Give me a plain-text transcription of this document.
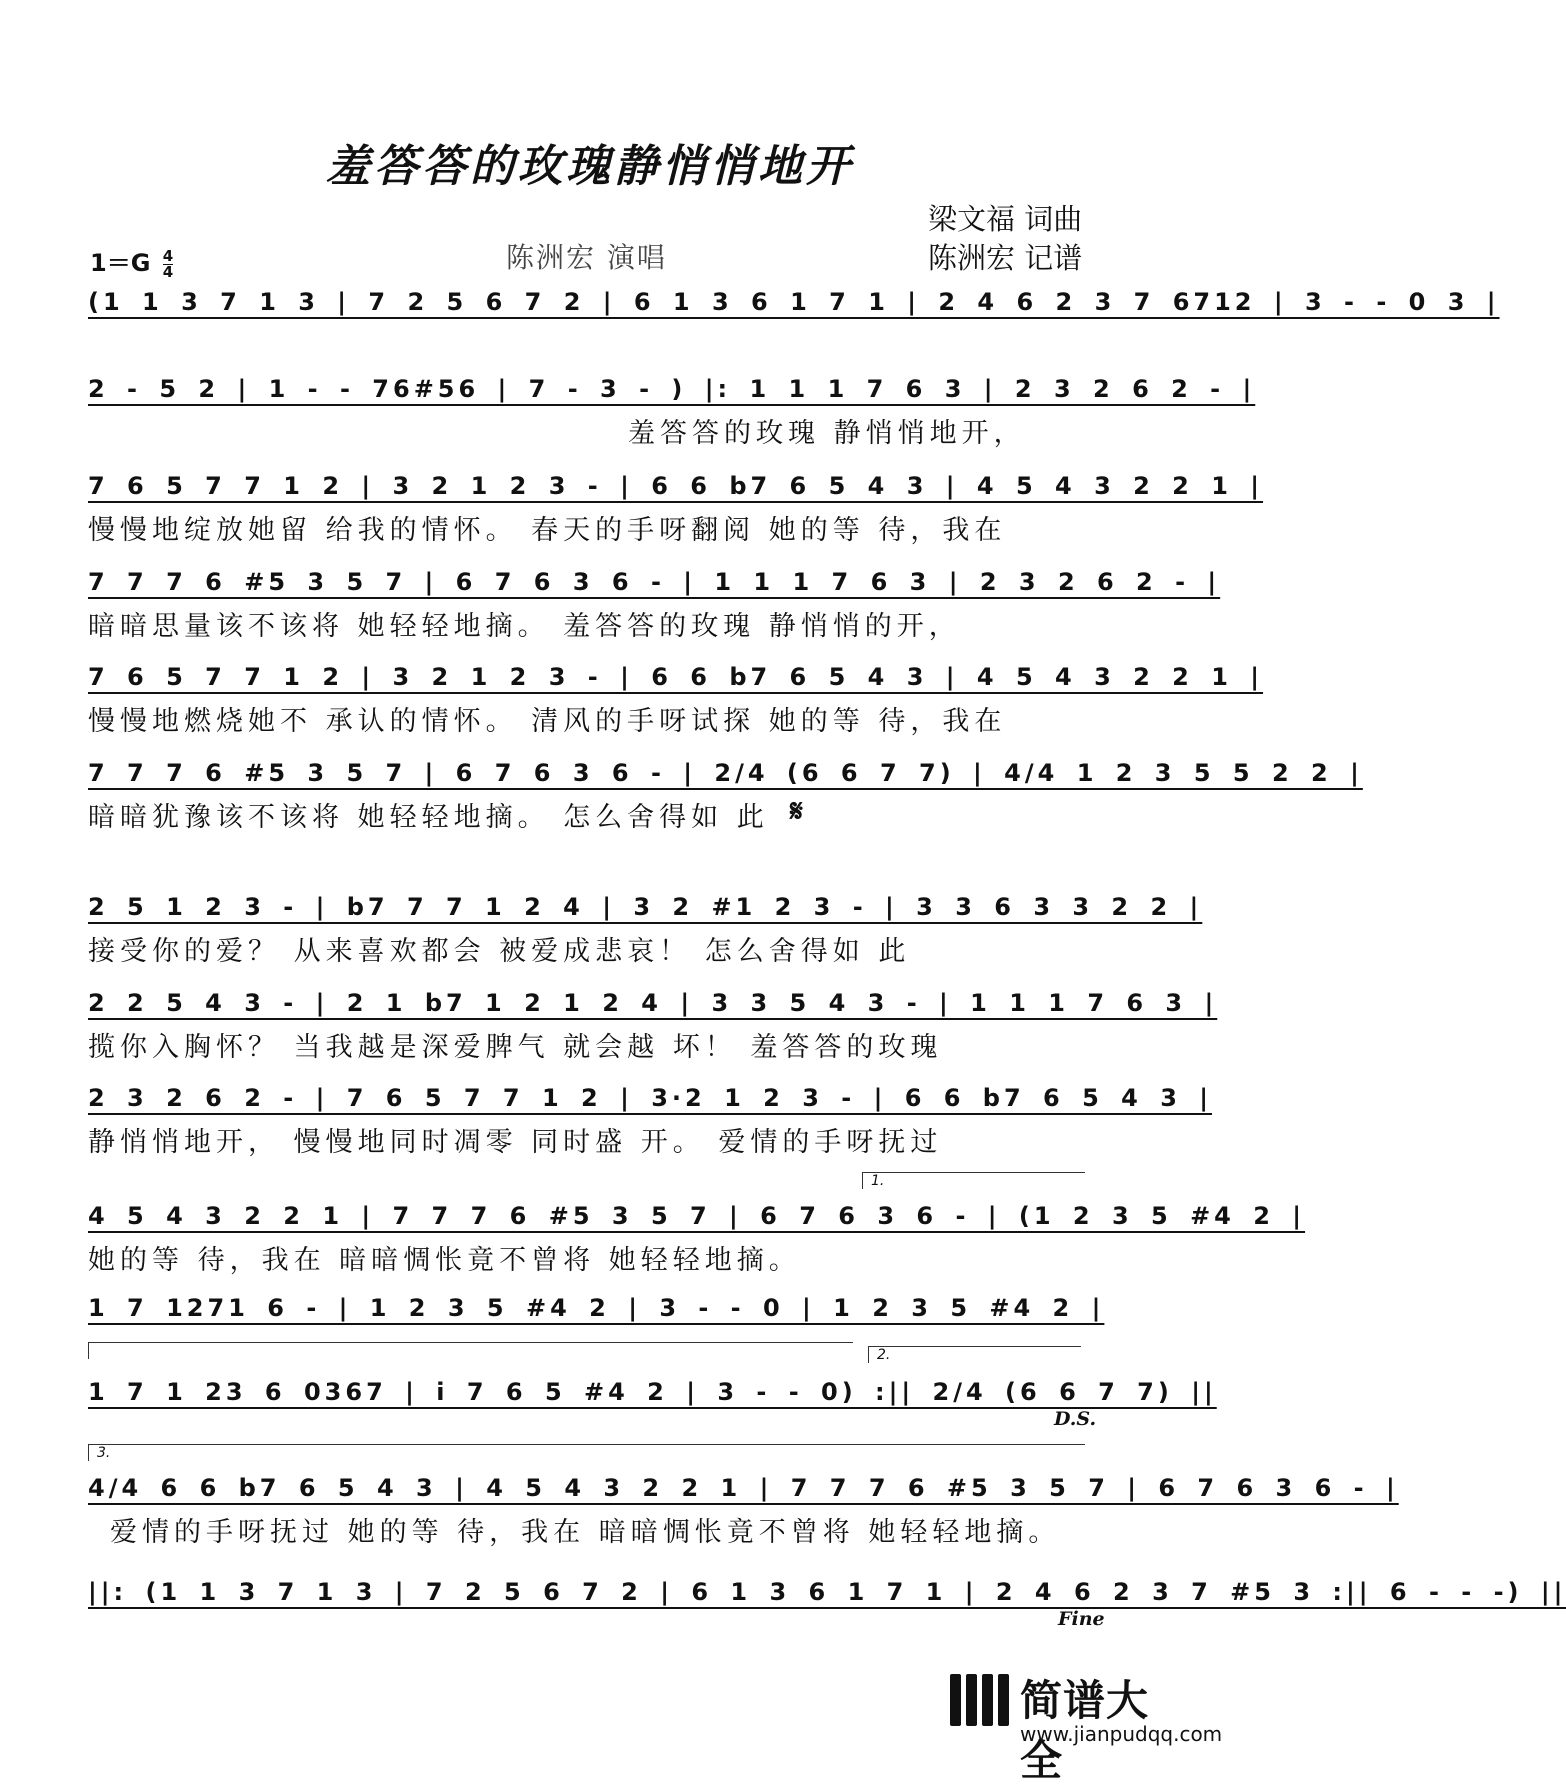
羞答答的玫瑰静悄悄地开
梁文福 词曲
陈洲宏 记谱
陈洲宏 演唱
$1=G \frac{4}{4}$
(1 1 3 7 1 3 | 7 2 5 6 7 2 | 6 1 3 6 1 7 1 | 2 4 6 2 3 7 6712 | 3 - - 0 3 |
2 - 5 2 | 1 - - 76#56 | 7 - 3 - ) |: 1 1 1 7 6 3 | 2 3 2 6 2 - |
羞答答的玫瑰 静悄悄地开，
7 6 5 7 7 1 2 | 3 2 1 2 3 - | 6 6 b7 6 5 4 3 | 4 5 4 3 2 2 1 |
慢慢地绽放她留 给我的情怀。 春天的手呀翻阅 她的等 待，我在
7 7 7 6 #5 3 5 7 | 6 7 6 3 6 - | 1 1 1 7 6 3 | 2 3 2 6 2 - |
暗暗思量该不该将 她轻轻地摘。 羞答答的玫瑰 静悄悄的开，
7 6 5 7 7 1 2 | 3 2 1 2 3 - | 6 6 b7 6 5 4 3 | 4 5 4 3 2 2 1 |
慢慢地燃烧她不 承认的情怀。 清风的手呀试探 她的等 待，我在
7 7 7 6 #5 3 5 7 | 6 7 6 3 6 - | 2/4 (6 6 7 7) | 4/4 1 2 3 5 5 2 2 |
暗暗犹豫该不该将 她轻轻地摘。 怎么舍得如 此 𝄋
2 5 1 2 3 - | b7 7 7 1 2 4 | 3 2 #1 2 3 - | 3 3 6 3 3 2 2 |
接受你的爱？ 从来喜欢都会 被爱成悲哀！ 怎么舍得如 此
2 2 5 4 3 - | 2 1 b7 1 2 1 2 4 | 3 3 5 4 3 - | 1 1 1 7 6 3 |
揽你入胸怀？ 当我越是深爱脾气 就会越 坏！ 羞答答的玫瑰
2 3 2 6 2 - | 7 6 5 7 7 1 2 | 3·2 1 2 3 - | 6 6 b7 6 5 4 3 |
静悄悄地开， 慢慢地同时凋零 同时盛 开。 爱情的手呀抚过
1.
4 5 4 3 2 2 1 | 7 7 7 6 #5 3 5 7 | 6 7 6 3 6 - | (1 2 3 5 #4 2 |
她的等 待，我在 暗暗惆怅竟不曾将 她轻轻地摘。
1 7 1271 6 - | 1 2 3 5 #4 2 | 3 - - 0 | 1 2 3 5 #4 2 |
2.
1 7 1 23 6 0367 | i 7 6 5 #4 2 | 3 - - 0) :|| 2/4 (6 6 7 7) ||
D.S.
3.
4/4 6 6 b7 6 5 4 3 | 4 5 4 3 2 2 1 | 7 7 7 6 #5 3 5 7 | 6 7 6 3 6 - |
爱情的手呀抚过 她的等 待，我在 暗暗惆怅竟不曾将 她轻轻地摘。
||: (1 1 3 7 1 3 | 7 2 5 6 7 2 | 6 1 3 6 1 7 1 | 2 4 6 2 3 7 #5 3 :|| 6 - - -) ||
Fine
简谱大全
www.jianpudqq.com
